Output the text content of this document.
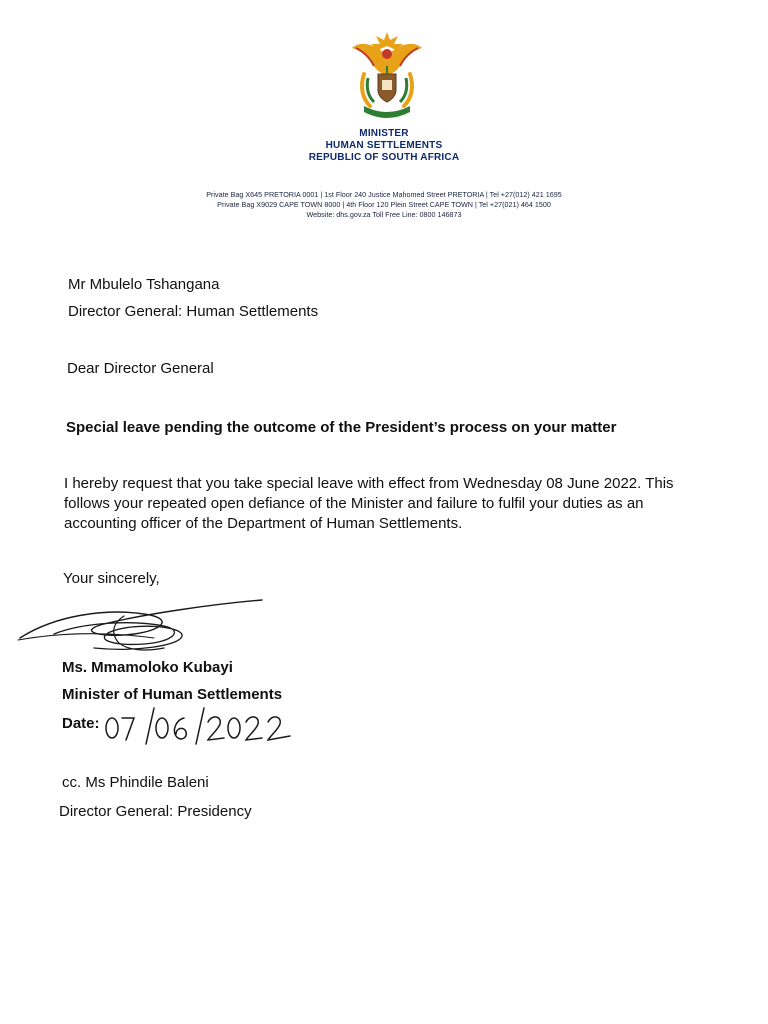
MINISTER
HUMAN SETTLEMENTS
REPUBLIC OF SOUTH AFRICA
Private Bag X645 PRETORIA 0001 | 1st Floor 240 Justice Mahomed Street PRETORIA | Tel +27(012) 421 1695
Private Bag X9029 CAPE TOWN 8000 | 4th Floor 120 Plein Street CAPE TOWN | Tel +27(021) 464 1500
Website: dhs.gov.za Toll Free Line: 0800 146873
Mr Mbulelo Tshangana
Director General: Human Settlements
Dear Director General
Special leave pending the outcome of the President’s process on your matter
I hereby request that you take special leave with effect from Wednesday 08 June 2022. This follows your repeated open defiance of the Minister and failure to fulfil your duties as an accounting officer of the Department of Human Settlements.
Your sincerely,
Ms. Mmamoloko Kubayi
Minister of Human Settlements
Date:
cc. Ms Phindile Baleni
Director General: Presidency
